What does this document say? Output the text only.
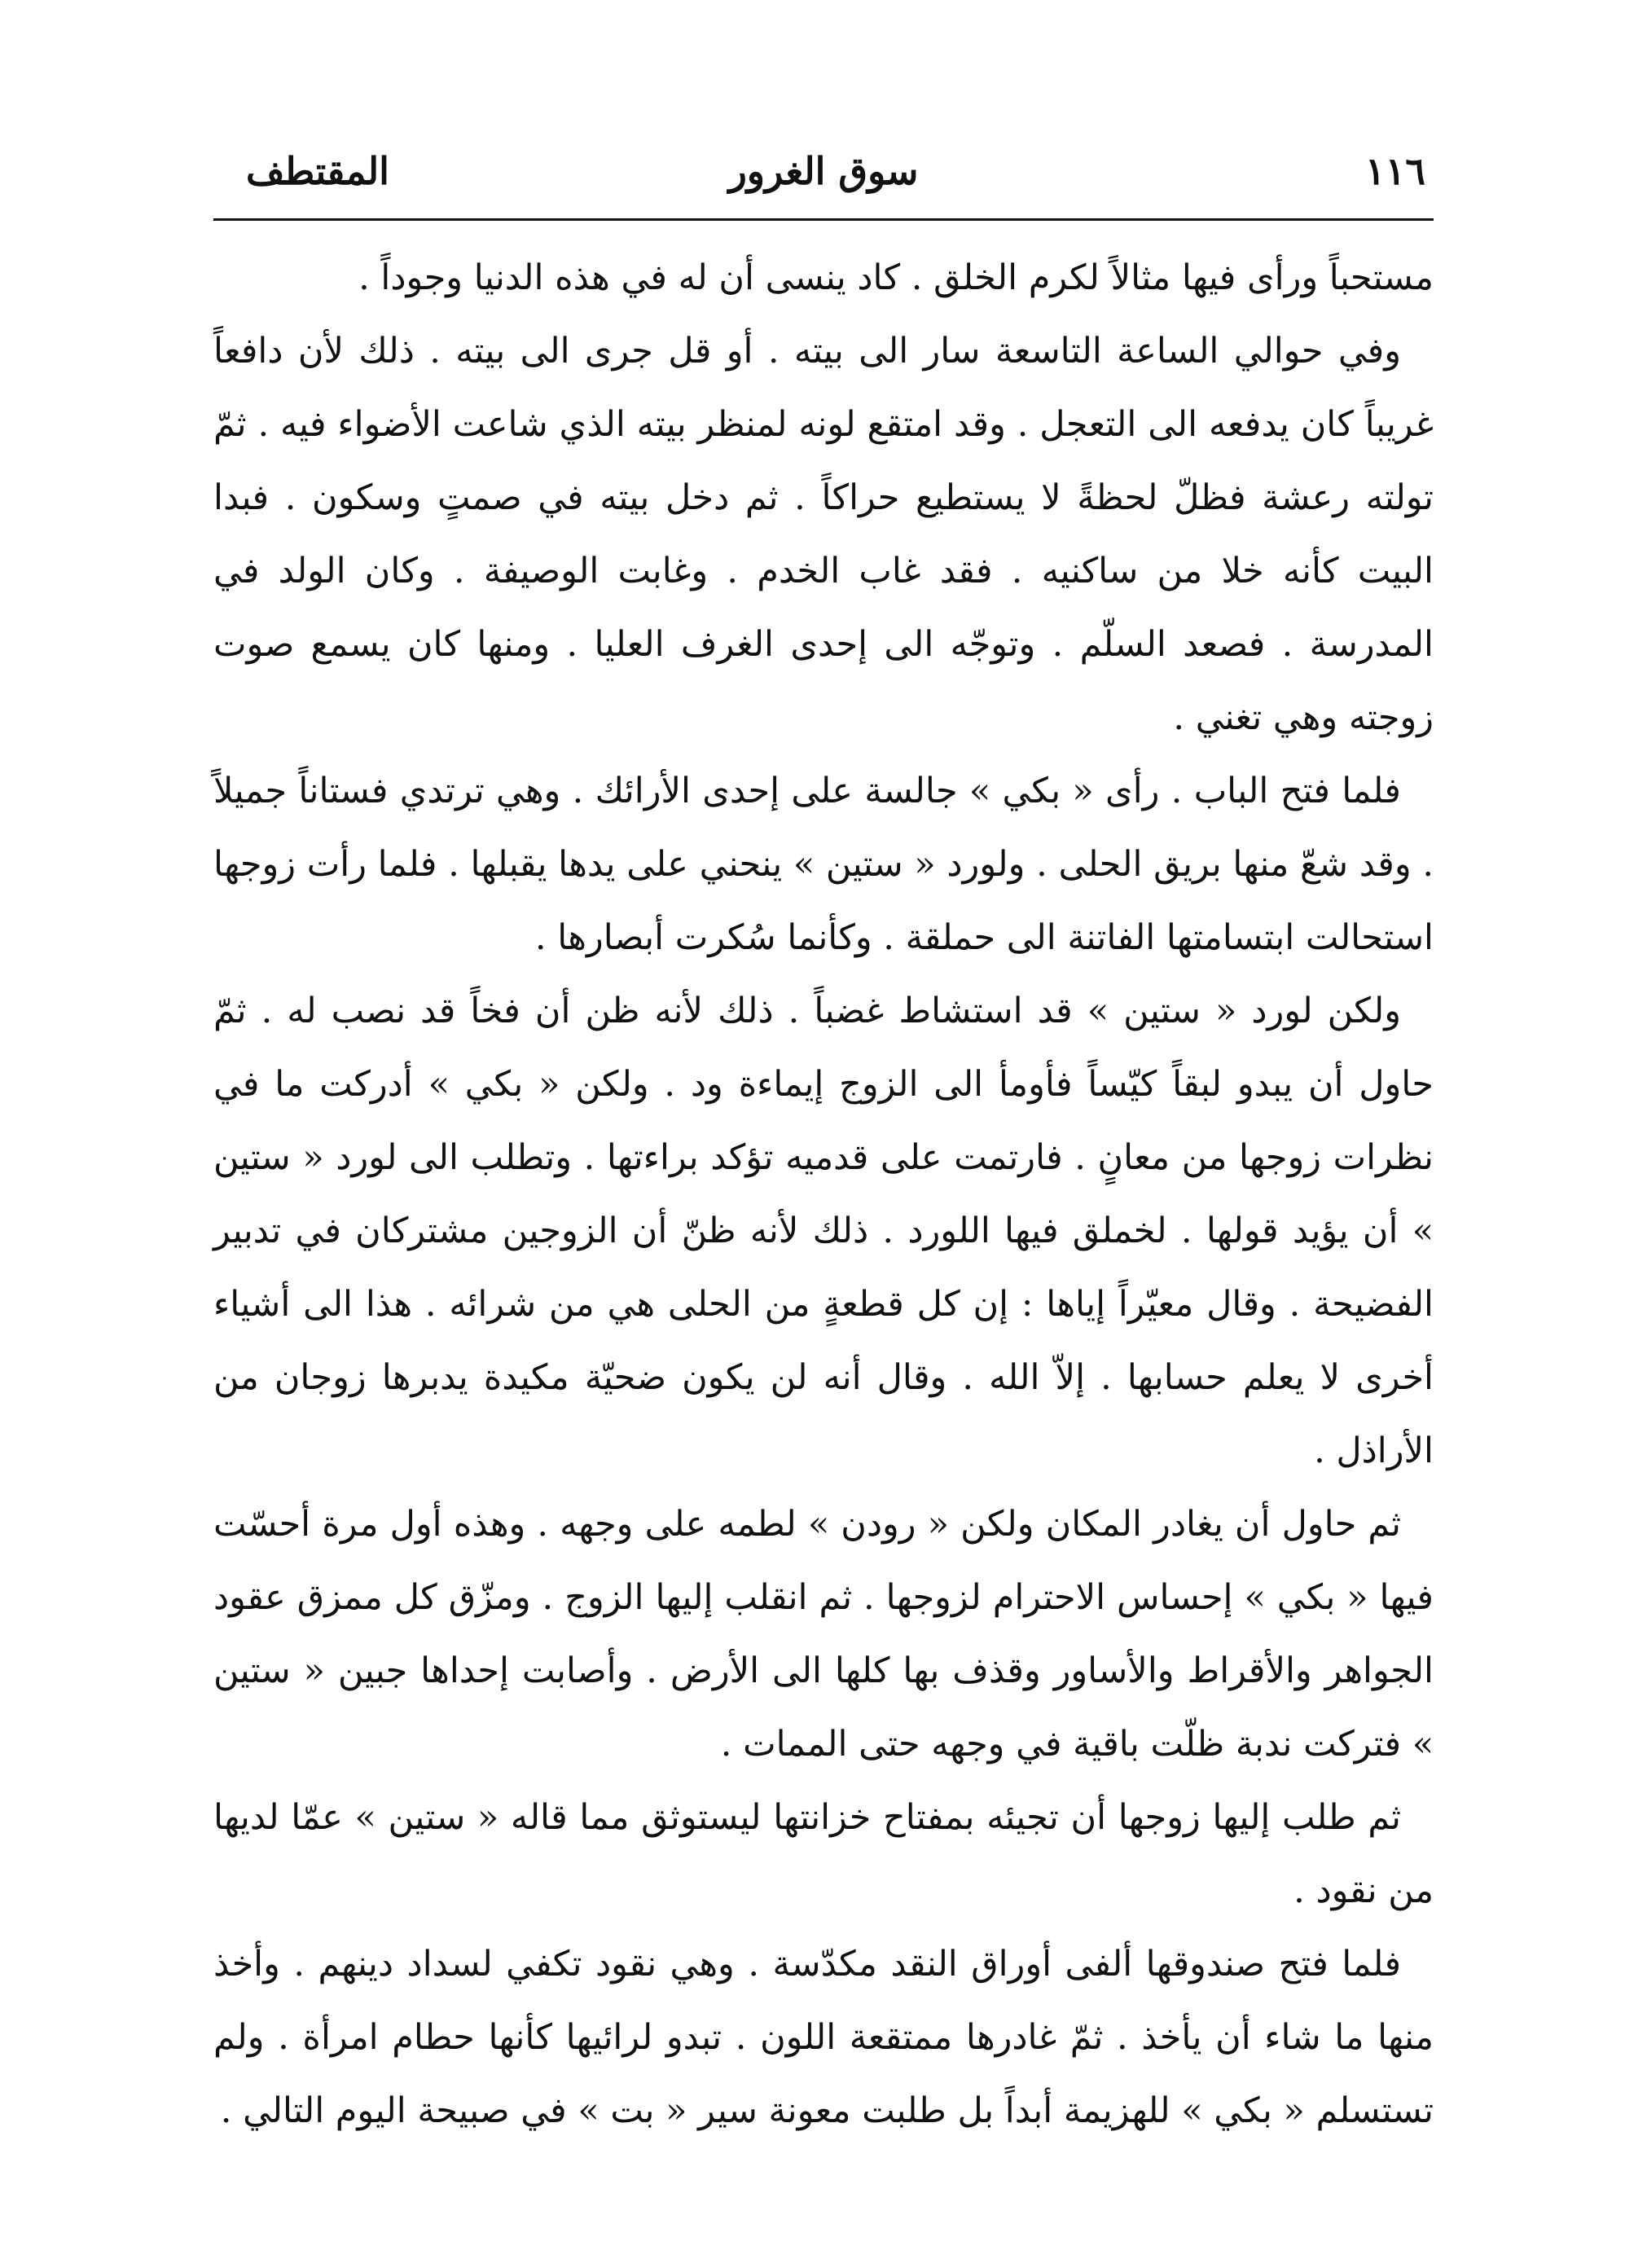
١١٦
سوق الغرور
المقتطف

مستحباً ورأى فيها مثالاً لكرم الخلق . كاد ينسى أن له في هذه الدنيا وجوداً .

وفي حوالي الساعة التاسعة سار الى بيته . أو قل جرى الى بيته . ذلك لأن دافعاً غريباً كان يدفعه الى التعجل . وقد امتقع لونه لمنظر بيته الذي شاعت الأضواء فيه . ثمّ تولته رعشة فظلّ لحظةً لا يستطيع حراكاً . ثم دخل بيته في صمتٍ وسكون . فبدا البيت كأنه خلا من ساكنيه . فقد غاب الخدم . وغابت الوصيفة . وكان الولد في المدرسة . فصعد السلّم . وتوجّه الى إحدى الغرف العليا . ومنها كان يسمع صوت زوجته وهي تغني .

فلما فتح الباب . رأى « بكي » جالسة على إحدى الأرائك . وهي ترتدي فستاناً جميلاً . وقد شعّ منها بريق الحلى . ولورد « ستين » ينحني على يدها يقبلها . فلما رأت زوجها استحالت ابتسامتها الفاتنة الى حملقة . وكأنما سُكرت أبصارها .

ولكن لورد « ستين » قد استشاط غضباً . ذلك لأنه ظن أن فخاً قد نصب له . ثمّ حاول أن يبدو لبقاً كيّساً فأومأ الى الزوج إيماءة ود . ولكن « بكي » أدركت ما في نظرات زوجها من معانٍ . فارتمت على قدميه تؤكد براءتها . وتطلب الى لورد « ستين » أن يؤيد قولها . لخملق فيها اللورد . ذلك لأنه ظنّ أن الزوجين مشتركان في تدبير الفضيحة . وقال معيّراً إياها : إن كل قطعةٍ من الحلى هي من شرائه . هذا الى أشياء أخرى لا يعلم حسابها . إلاّ الله . وقال أنه لن يكون ضحيّة مكيدة يدبرها زوجان من الأراذل .

ثم حاول أن يغادر المكان ولكن « رودن » لطمه على وجهه . وهذه أول مرة أحسّت فيها « بكي » إحساس الاحترام لزوجها . ثم انقلب إليها الزوج . ومزّق كل ممزق عقود الجواهر والأقراط والأساور وقذف بها كلها الى الأرض . وأصابت إحداها جبين « ستين » فتركت ندبة ظلّت باقية في وجهه حتى الممات .

ثم طلب إليها زوجها أن تجيئه بمفتاح خزانتها ليستوثق مما قاله « ستين » عمّا لديها من نقود .

فلما فتح صندوقها ألفى أوراق النقد مكدّسة . وهي نقود تكفي لسداد دينهم . وأخذ منها ما شاء أن يأخذ . ثمّ غادرها ممتقعة اللون . تبدو لرائيها كأنها حطام امرأة . ولم تستسلم « بكي » للهزيمة أبداً بل طلبت معونة سير « بت » في صبيحة اليوم التالي .
